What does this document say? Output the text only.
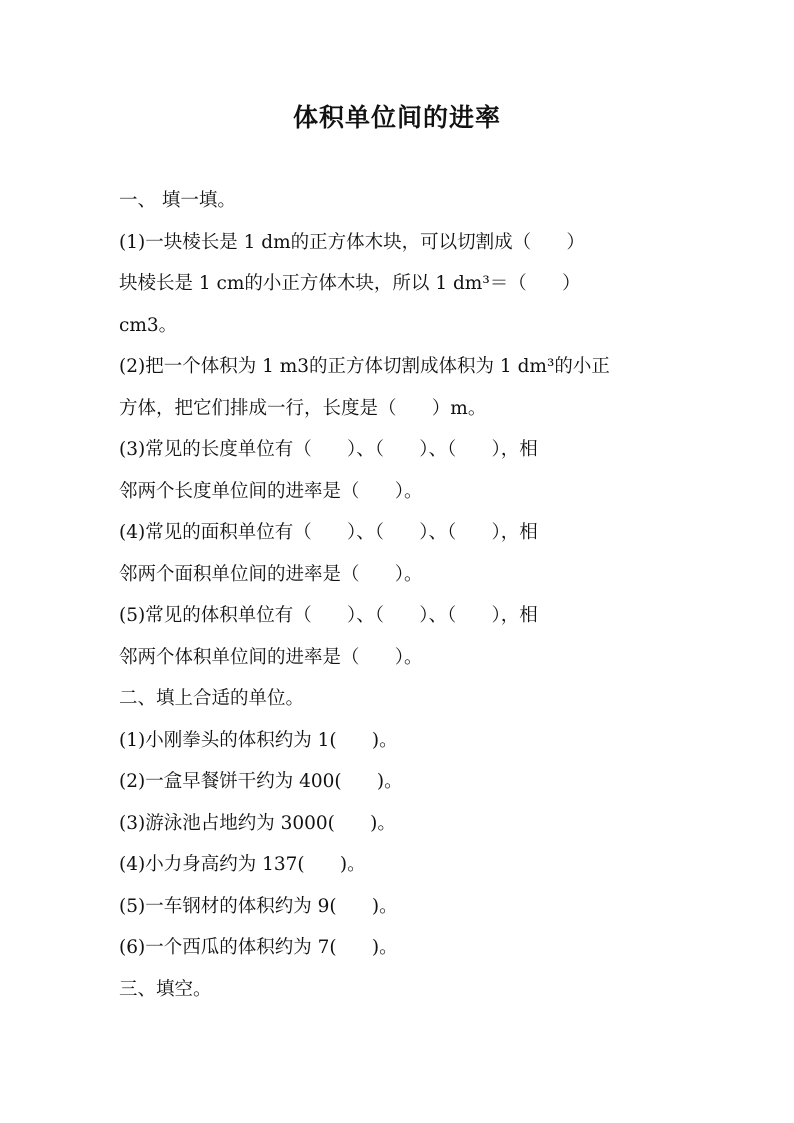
体积单位间的进率
一、 填一填。
(1)一块棱长是 1 dm的正方体木块，可以切割成（      ）
块棱长是 1 cm的小正方体木块，所以 1 dm³＝（      ）
cm3。
(2)把一个体积为 1 m3的正方体切割成体积为 1 dm³的小正
方体，把它们排成一行，长度是（      ）m。
(3)常见的长度单位有（      ）、（      ）、（      ），相
邻两个长度单位间的进率是（      ）。
(4)常见的面积单位有（      ）、（      ）、（      ），相
邻两个面积单位间的进率是（      ）。
(5)常见的体积单位有（      ）、（      ）、（      ），相
邻两个体积单位间的进率是（      ）。
二、填上合适的单位。
(1)小刚拳头的体积约为 1(      )。
(2)一盒早餐饼干约为 400(      )。
(3)游泳池占地约为 3000(      )。
(4)小力身高约为 137(      )。
(5)一车钢材的体积约为 9(      )。
(6)一个西瓜的体积约为 7(      )。
三、填空。
